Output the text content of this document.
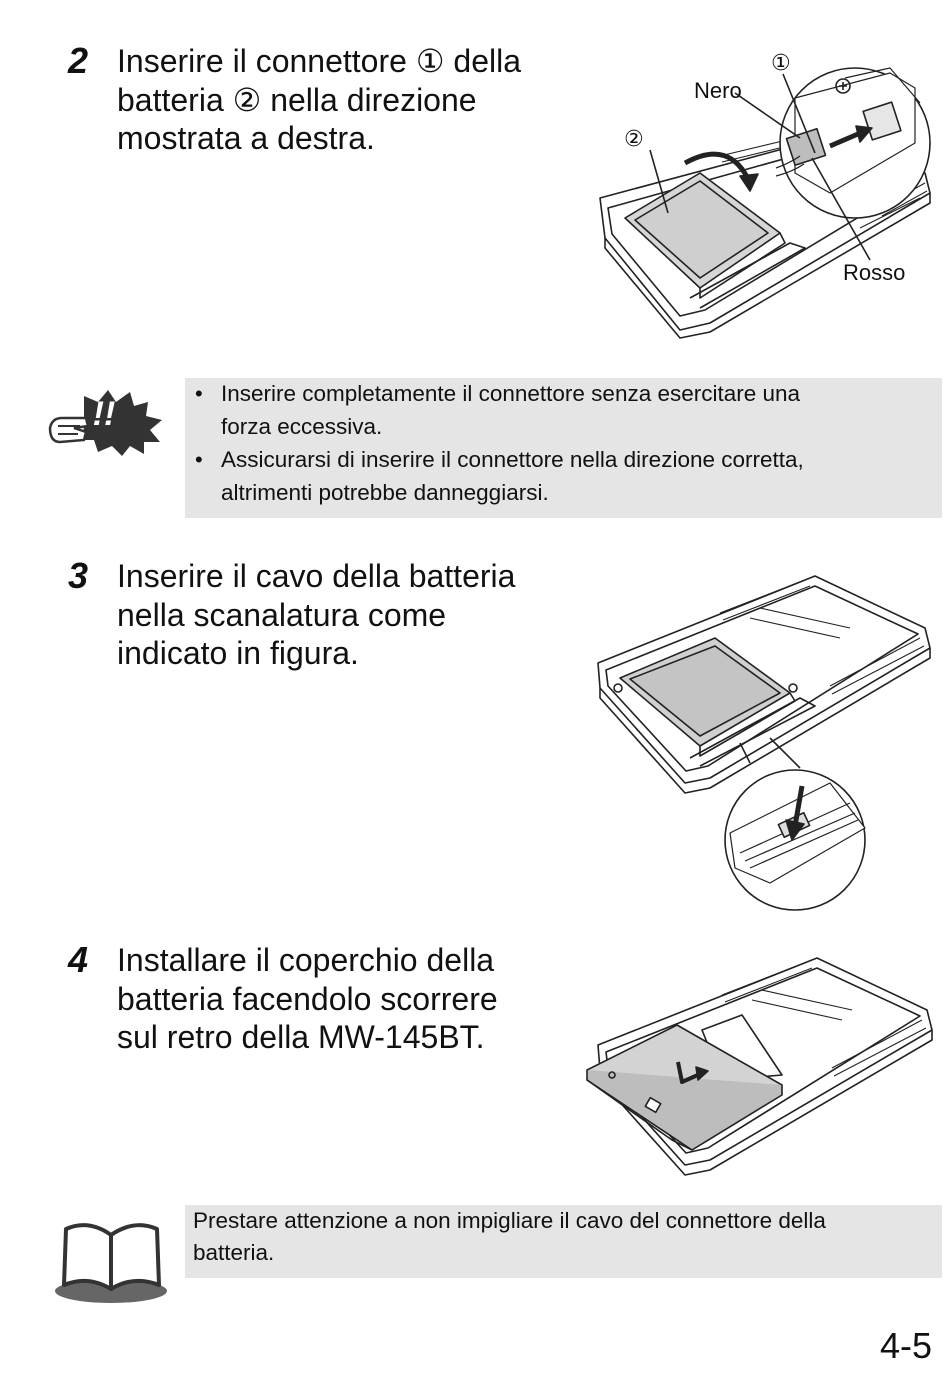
2 Inserire il connettore ① della
batteria ② nella direzione
mostrata a destra.
Nero
Rosso
①
②
!!
• Inserire completamente il connettore senza esercitare una
forza eccessiva.
• Assicurarsi di inserire il connettore nella direzione corretta,
altrimenti potrebbe danneggiarsi.
3 Inserire il cavo della batteria
nella scanalatura come
indicato in figura.
4 Installare il coperchio della
batteria facendolo scorrere
sul retro della MW-145BT.
Prestare attenzione a non impigliare il cavo del connettore della
batteria.
4-5
